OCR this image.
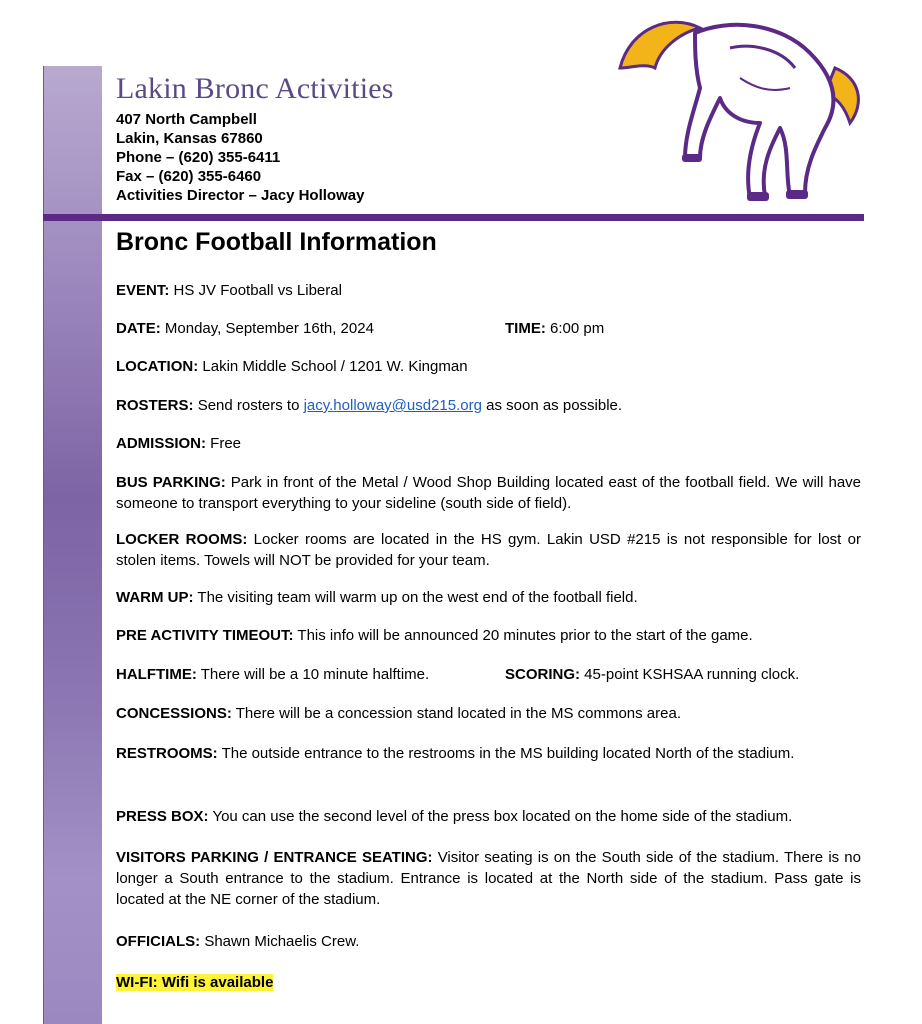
Lakin Bronc Activities
407 North Campbell
Lakin, Kansas 67860
Phone – (620) 355-6411
Fax – (620) 355-6460
Activities Director – Jacy Holloway
Bronc Football Information
EVENT: HS JV Football vs Liberal
DATE: Monday, September 16th, 2024	TIME: 6:00 pm
LOCATION: Lakin Middle School / 1201 W. Kingman
ROSTERS: Send rosters to jacy.holloway@usd215.org as soon as possible.
ADMISSION: Free
BUS PARKING: Park in front of the Metal / Wood Shop Building located east of the football field. We will have someone to transport everything to your sideline (south side of field).
LOCKER ROOMS: Locker rooms are located in the HS gym. Lakin USD #215 is not responsible for lost or stolen items. Towels will NOT be provided for your team.
WARM UP: The visiting team will warm up on the west end of the football field.
PRE ACTIVITY TIMEOUT: This info will be announced 20 minutes prior to the start of the game.
HALFTIME: There will be a 10 minute halftime.	SCORING: 45-point KSHSAA running clock.
CONCESSIONS: There will be a concession stand located in the MS commons area.
RESTROOMS: The outside entrance to the restrooms in the MS building located North of the stadium.
PRESS BOX: You can use the second level of the press box located on the home side of the stadium.
VISITORS PARKING / ENTRANCE SEATING: Visitor seating is on the South side of the stadium. There is no longer a South entrance to the stadium. Entrance is located at the North side of the stadium. Pass gate is located at the NE corner of the stadium.
OFFICIALS: Shawn Michaelis Crew.
WI-FI: Wifi is available
